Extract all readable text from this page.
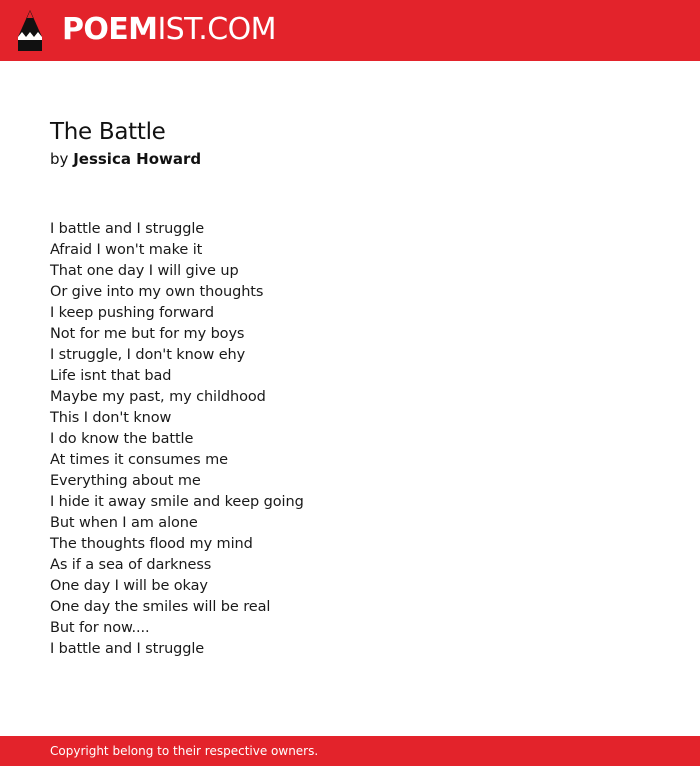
POEMIST.COM
The Battle
by Jessica Howard
I battle and I struggle
Afraid I won't make it
That one day I will give up
Or give into my own thoughts
I keep pushing forward
Not for me but for my boys
I struggle, I don't know ehy
Life isnt that bad
Maybe my past, my childhood
This I don't know
I do know the battle
At times it consumes me
Everything about me
I hide it away smile and keep going
But when I am alone
The thoughts flood my mind
As if a sea of darkness
One day I will be okay
One day the smiles will be real
But for now....
I battle and I struggle
Copyright belong to their respective owners.
